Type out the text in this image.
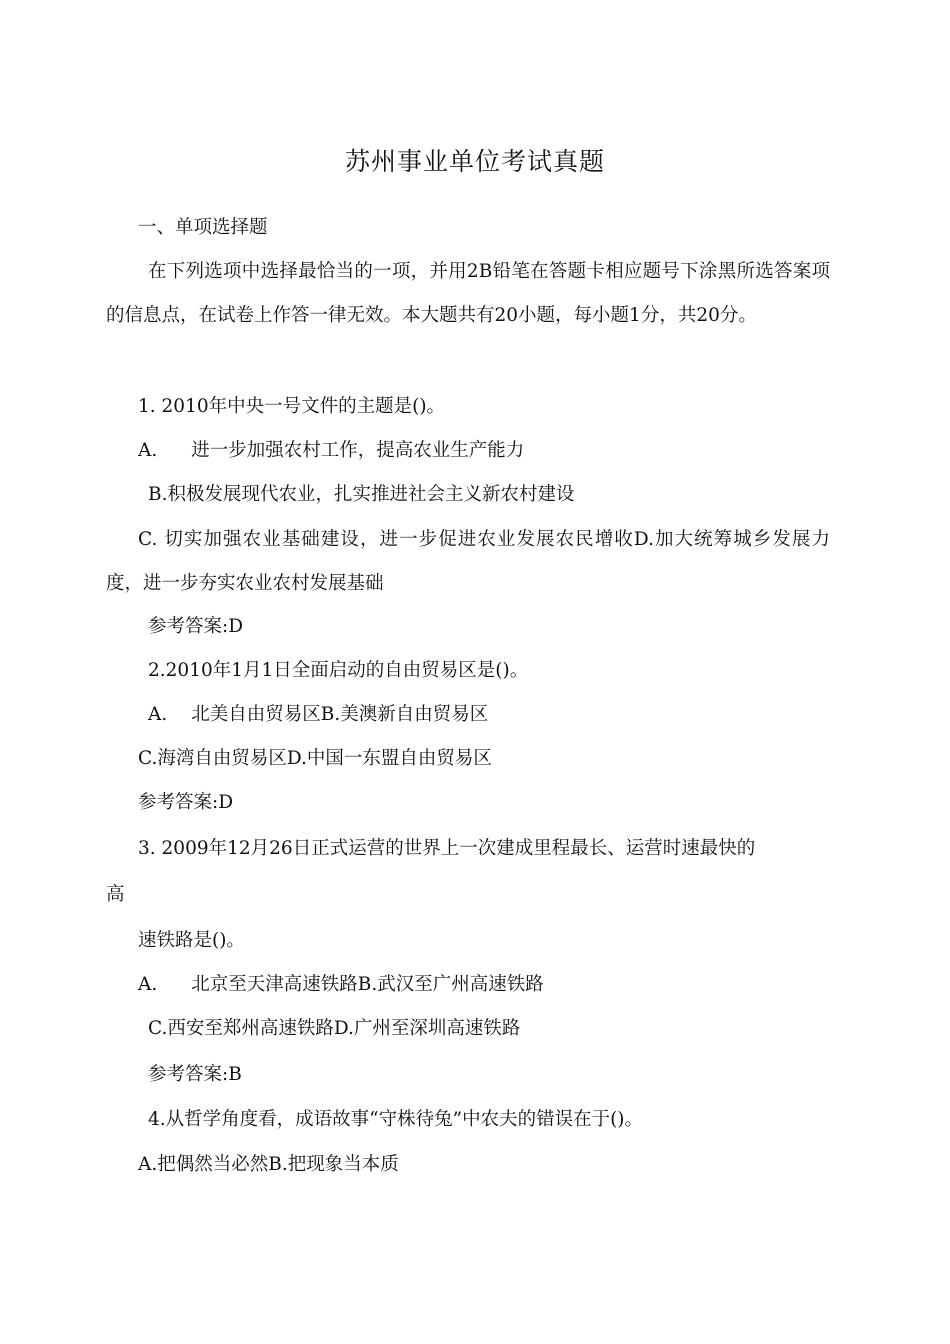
苏州事业单位考试真题
一、单项选择题
在下列选项中选择最恰当的一项，并用2B铅笔在答题卡相应题号下涂黑所选答案项的信息点，在试卷上作答一律无效。本大题共有20小题，每小题1分，共20分。
1. 2010年中央一号文件的主题是()。
A. 进一步加强农村工作，提高农业生产能力
B.积极发展现代农业，扎实推进社会主义新农村建设
C. 切实加强农业基础建设，进一步促进农业发展农民增收D.加大统筹城乡发展力度，进一步夯实农业农村发展基础
参考答案:D
2.2010年1月1日全面启动的自由贸易区是()。
A. 北美自由贸易区B.美澳新自由贸易区
C.海湾自由贸易区D.中国一东盟自由贸易区
参考答案:D
3. 2009年12月26日正式运营的世界上一次建成里程最长、运营时速最快的
高
速铁路是()。
A. 北京至天津高速铁路B.武汉至广州高速铁路
C.西安至郑州高速铁路D.广州至深圳高速铁路
参考答案:B
4.从哲学角度看，成语故事“守株待兔”中农夫的错误在于()。
A.把偶然当必然B.把现象当本质
